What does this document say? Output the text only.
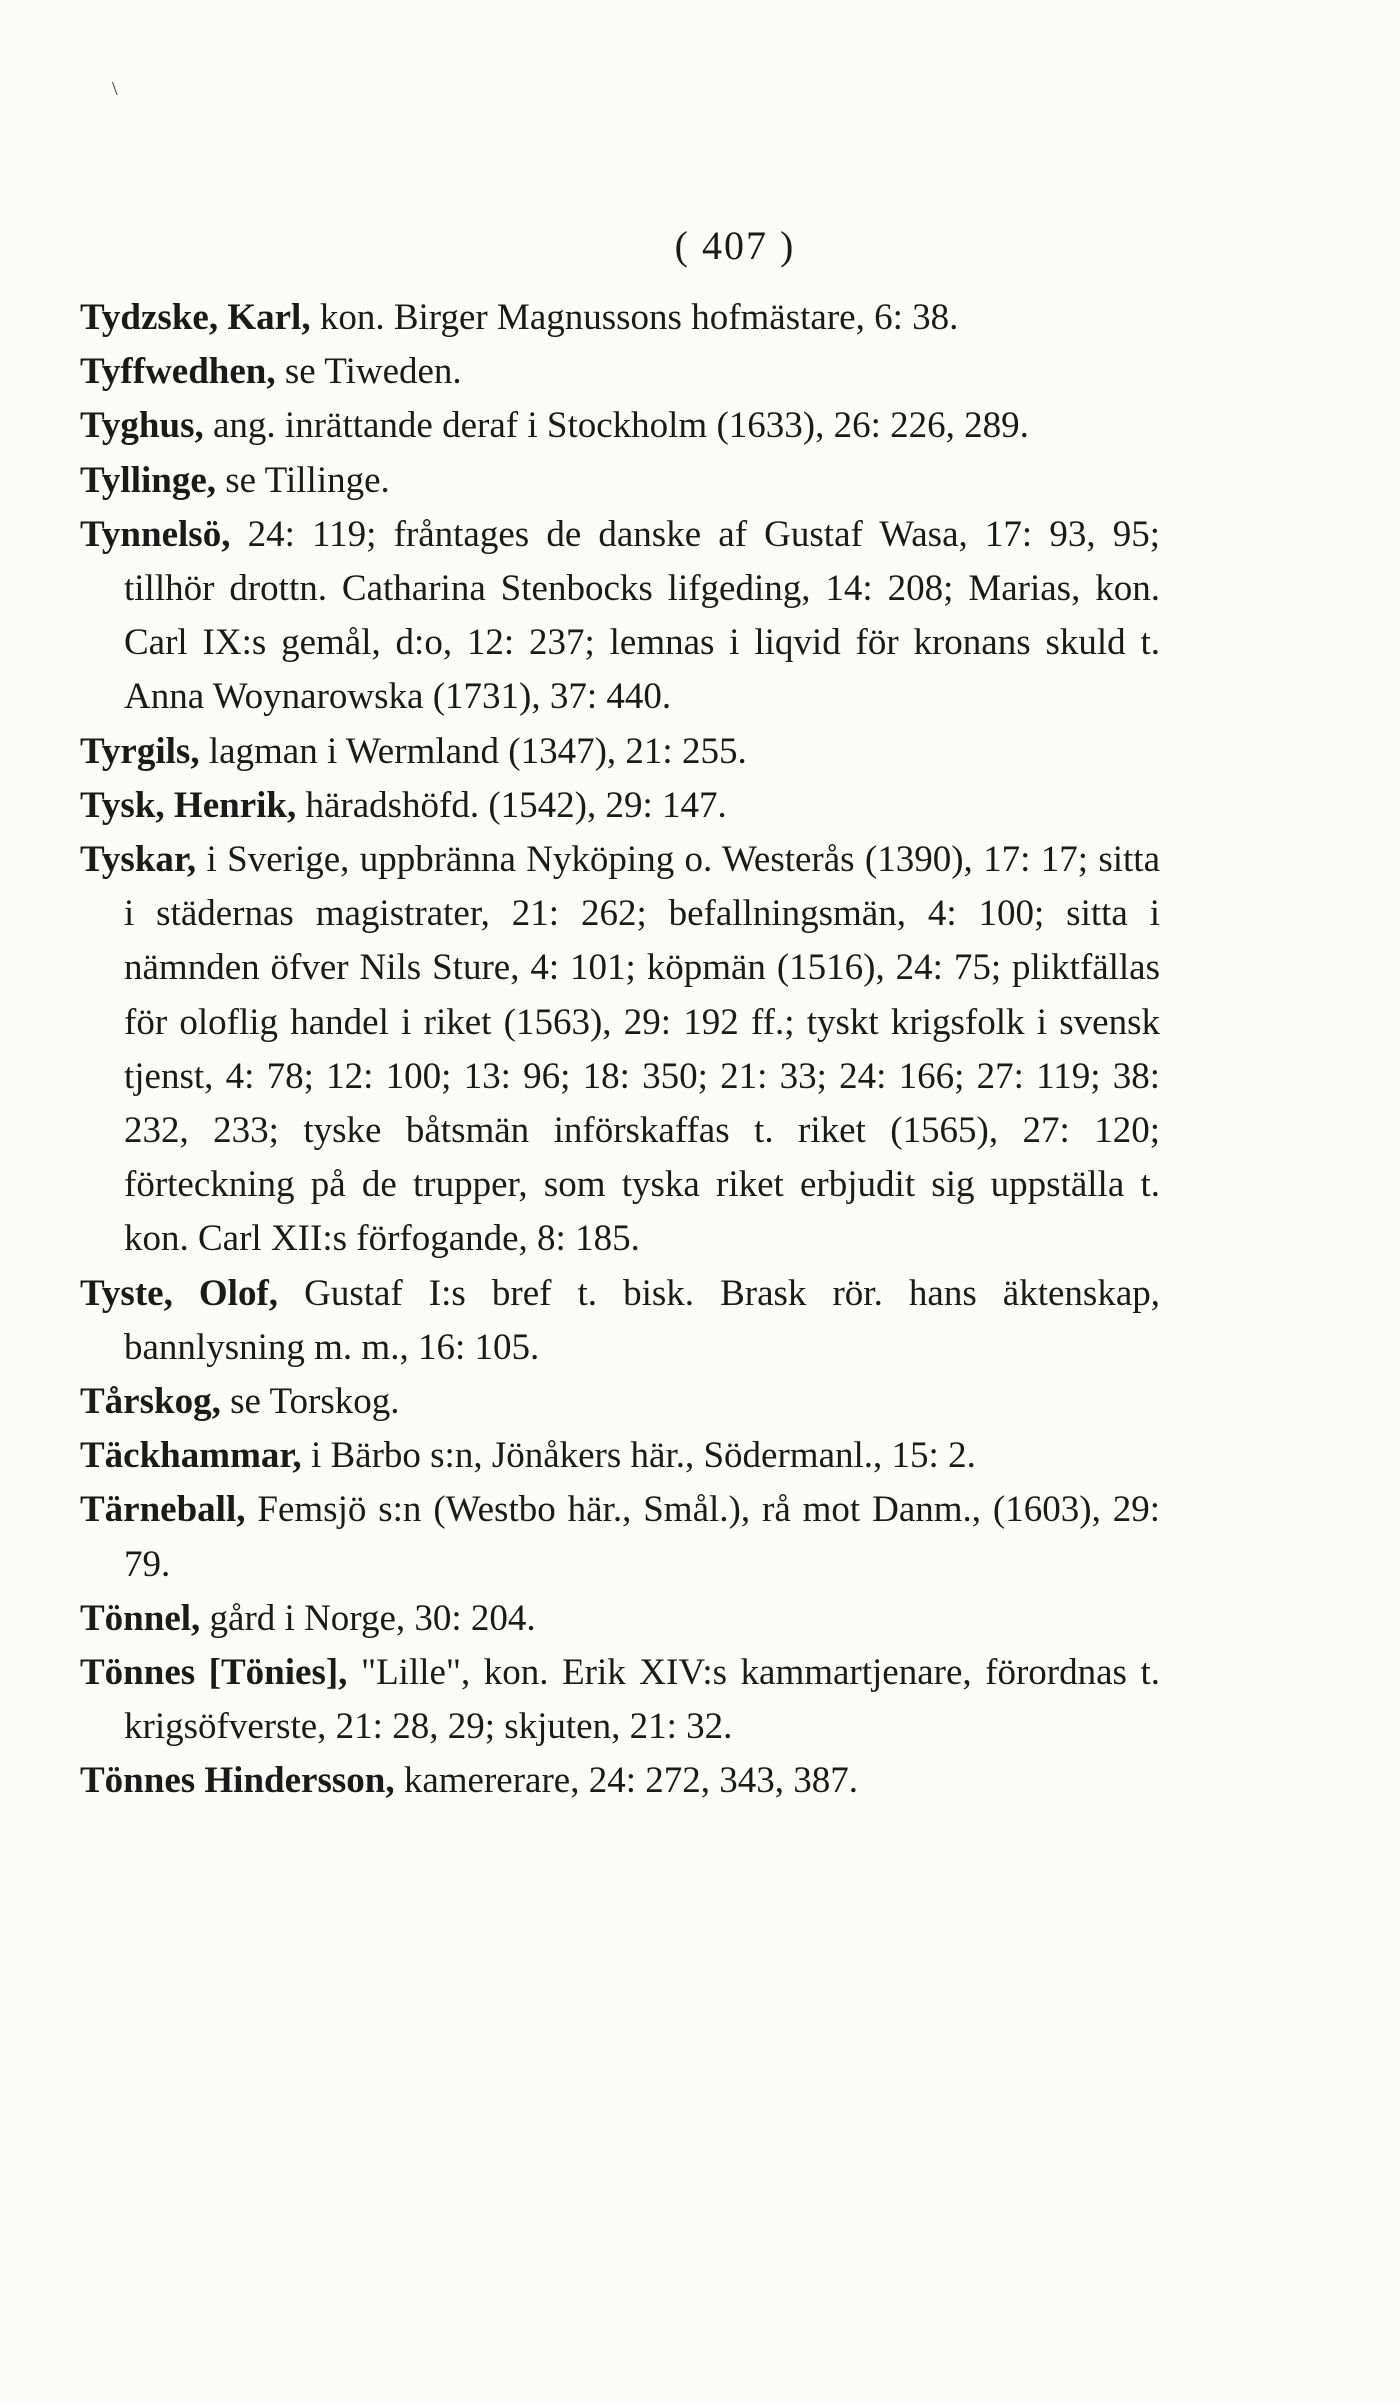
\
( 407 )

Tydzske, Karl, kon. Birger Magnussons hofmästare, 6: 38.

Tyffwedhen, se Tiweden.

Tyghus, ang. inrättande deraf i Stockholm (1633), 26: 226, 289.

Tyllinge, se Tillinge.

Tynnelsö, 24: 119; fråntages de danske af Gustaf Wasa, 17: 93, 95; tillhör drottn. Catharina Stenbocks lifgeding, 14: 208; Marias, kon. Carl IX:s gemål, d:o, 12: 237; lemnas i liqvid för kronans skuld t. Anna Woynarowska (1731), 37: 440.

Tyrgils, lagman i Wermland (1347), 21: 255.

Tysk, Henrik, häradshöfd. (1542), 29: 147.

Tyskar, i Sverige, uppbränna Nyköping o. Westerås (1390), 17: 17; sitta i städernas magistrater, 21: 262; befallningsmän, 4: 100; sitta i nämnden öfver Nils Sture, 4: 101; köpmän (1516), 24: 75; pliktfällas för oloflig handel i riket (1563), 29: 192 ff.; tyskt krigsfolk i svensk tjenst, 4: 78; 12: 100; 13: 96; 18: 350; 21: 33; 24: 166; 27: 119; 38: 232, 233; tyske båtsmän införskaffas t. riket (1565), 27: 120; förteckning på de trupper, som tyska riket erbjudit sig uppställa t. kon. Carl XII:s förfogande, 8: 185.

Tyste, Olof, Gustaf I:s bref t. bisk. Brask rör. hans äktenskap, bannlysning m. m., 16: 105.

Tårskog, se Torskog.

Täckhammar, i Bärbo s:n, Jönåkers här., Södermanl., 15: 2.

Tärneball, Femsjö s:n (Westbo här., Smål.), rå mot Danm., (1603), 29: 79.

Tönnel, gård i Norge, 30: 204.

Tönnes [Tönies], "Lille", kon. Erik XIV:s kammartjenare, förordnas t. krigsöfverste, 21: 28, 29; skjuten, 21: 32.

Tönnes Hindersson, kamererare, 24: 272, 343, 387.
